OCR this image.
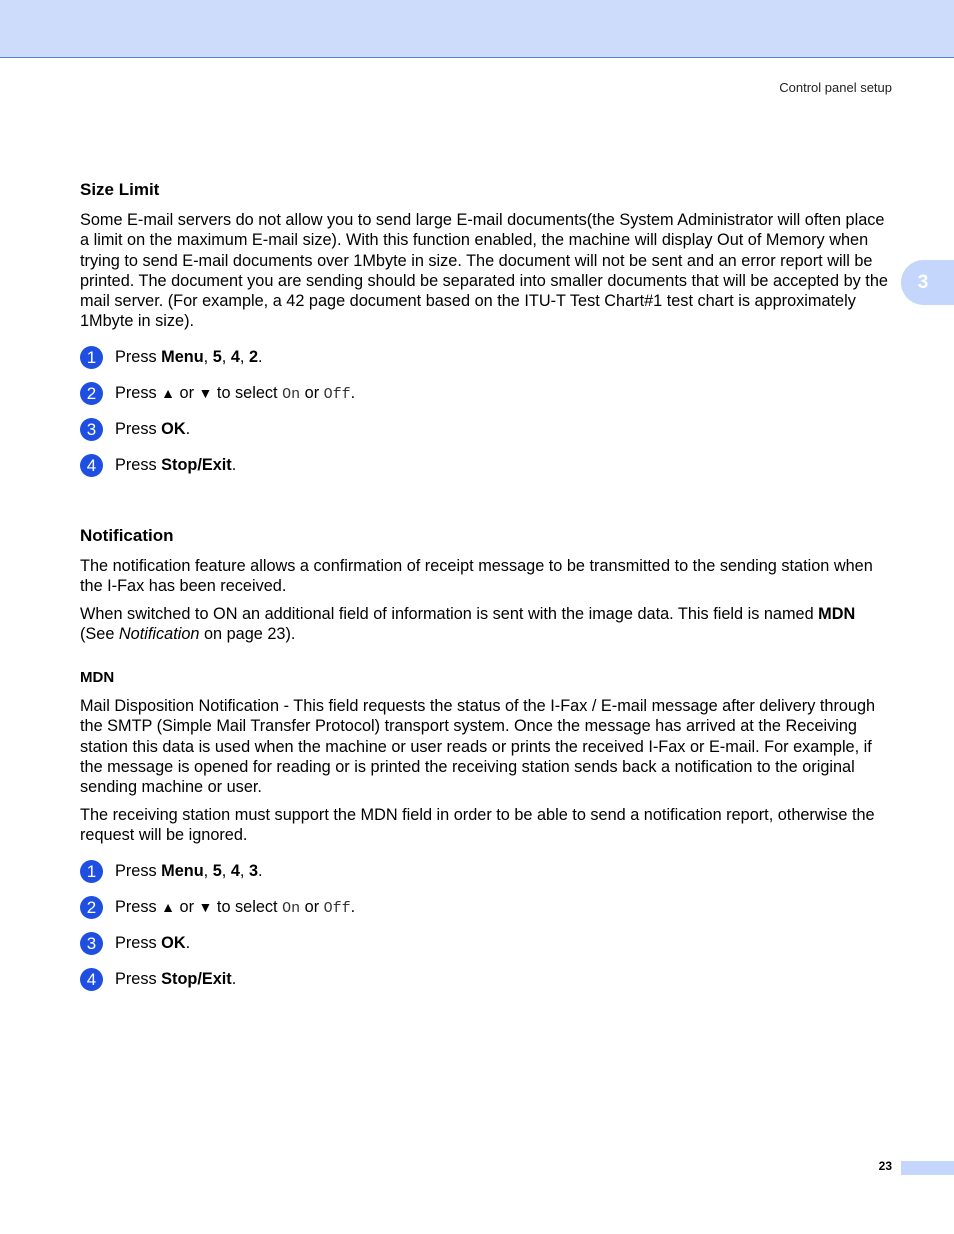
Control panel setup
3
Size Limit

Some E-mail servers do not allow you to send large E-mail documents(the System Administrator will often place a limit on the maximum E-mail size). With this function enabled, the machine will display Out of Memory when trying to send E-mail documents over 1Mbyte in size. The document will not be sent and an error report will be printed. The document you are sending should be separated into smaller documents that will be accepted by the mail server. (For example, a 42 page document based on the ITU-T Test Chart#1 test chart is approximately 1Mbyte in size).

1	Press Menu, 5, 4, 2.
2	Press ▲ or ▼ to select On or Off.
3	Press OK.
4	Press Stop/Exit.
Notification

The notification feature allows a confirmation of receipt message to be transmitted to the sending station when the I-Fax has been received.

When switched to ON an additional field of information is sent with the image data. This field is named MDN (See Notification on page 23).

MDN

Mail Disposition Notification - This field requests the status of the I-Fax / E-mail message after delivery through the SMTP (Simple Mail Transfer Protocol) transport system. Once the message has arrived at the Receiving station this data is used when the machine or user reads or prints the received I-Fax or E-mail. For example, if the message is opened for reading or is printed the receiving station sends back a notification to the original sending machine or user.

The receiving station must support the MDN field in order to be able to send a notification report, otherwise the request will be ignored.

1	Press Menu, 5, 4, 3.
2	Press ▲ or ▼ to select On or Off.
3	Press OK.
4	Press Stop/Exit.
23
